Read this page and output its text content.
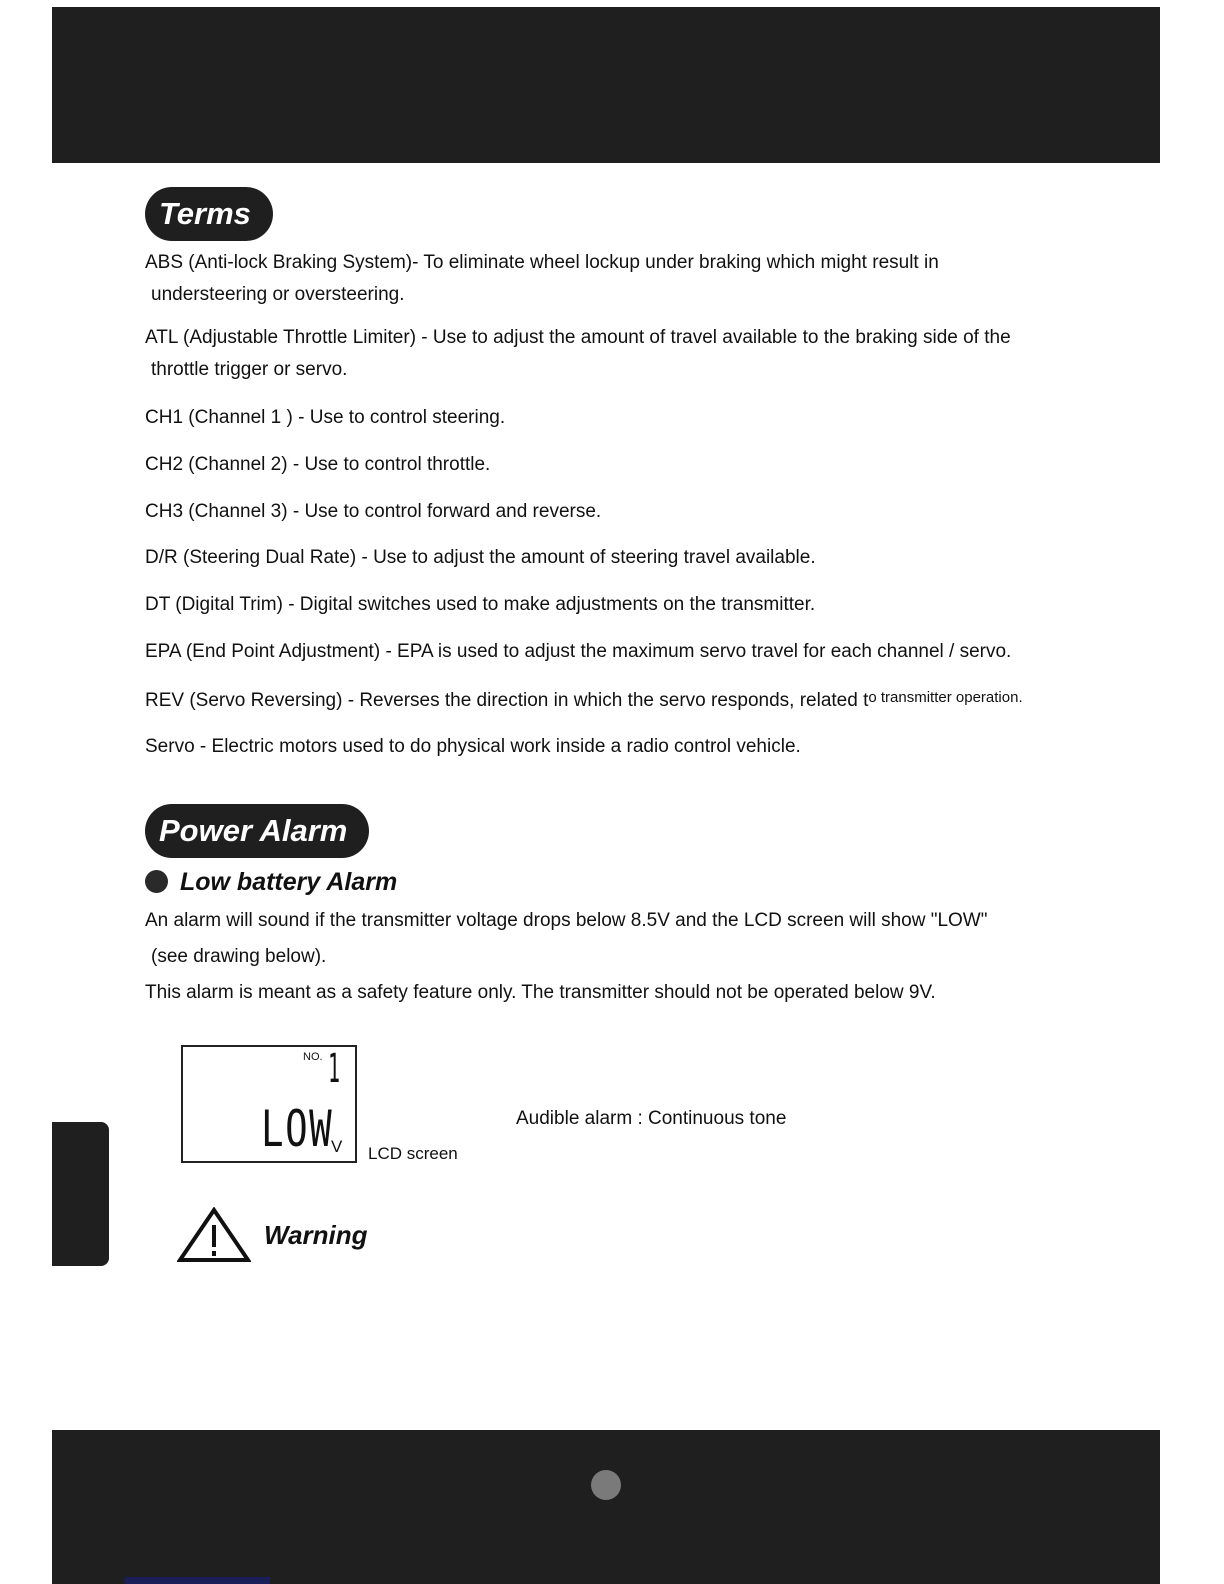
Terms

ABS (Anti-lock Braking System)- To eliminate wheel lockup under braking which might result in
understeering or oversteering.

ATL (Adjustable Throttle Limiter) - Use to adjust the amount of travel available to the braking side of the
throttle trigger or servo.

CH1 (Channel 1 ) - Use to control steering.

CH2 (Channel 2) - Use to control throttle.

CH3 (Channel 3) - Use to control forward and reverse.

D/R (Steering Dual Rate) - Use to adjust the amount of steering travel available.

DT (Digital Trim) - Digital switches used to make adjustments on the transmitter.

EPA (End Point Adjustment) - EPA is used to adjust the maximum servo travel for each channel / servo.

REV (Servo Reversing) - Reverses the direction in which the servo responds, related $t^{o transmitter operation.}$

Servo - Electric motors used to do physical work inside a radio control vehicle.

Power Alarm
Low battery Alarm

An alarm will sound if the transmitter voltage drops below 8.5V and the LCD screen will show "LOW"

(see drawing below).

This alarm is meant as a safety feature only. The transmitter should not be operated below 9V.

NO. 1
LOW
V LCD screen
Audible alarm : Continuous tone
Warning
